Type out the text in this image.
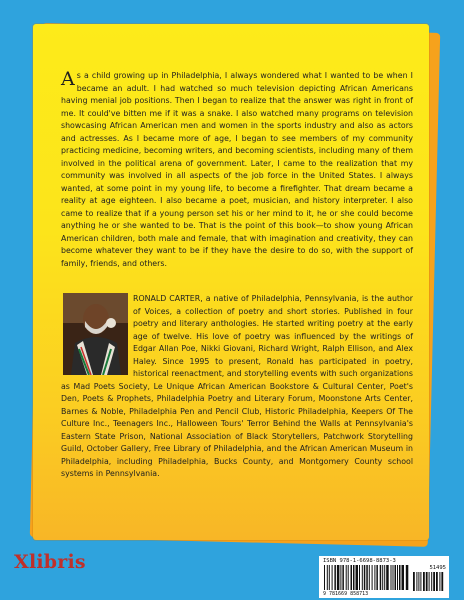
As a child growing up in Philadelphia, I always wondered what I wanted to be when I became an adult. I had watched so much television depicting African Americans having menial job positions. Then I began to realize that the answer was right in front of me. It could've bitten me if it was a snake. I also watched many programs on television showcasing African American men and women in the sports industry and also as actors and actresses. As I became more of age, I began to see members of my community practicing medicine, becoming writers, and becoming scientists, including many of them involved in the political arena of government. Later, I came to the realization that my community was involved in all aspects of the job force in the United States. I always wanted, at some point in my young life, to become a firefighter. That dream became a reality at age eighteen. I also became a poet, musician, and history interpreter. I also came to realize that if a young person set his or her mind to it, he or she could become anything he or she wanted to be. That is the point of this book—to show young African American children, both male and female, that with imagination and creativity, they can become whatever they want to be if they have the desire to do so, with the support of family, friends, and others.

RONALD CARTER, a native of Philadelphia, Pennsylvania, is the author of Voices, a collection of poetry and short stories. Published in four poetry and literary anthologies. He started writing poetry at the early age of twelve. His love of poetry was influenced by the writings of Edgar Allan Poe, Nikki Giovani, Richard Wright, Ralph Ellison, and Alex Haley. Since 1995 to present, Ronald has participated in poetry, historical reenactment, and storytelling events with such organizations as Mad Poets Society, Le Unique African American Bookstore & Cultural Center, Poet's Den, Poets & Prophets, Philadelphia Poetry and Literary Forum, Moonstone Arts Center, Barnes & Noble, Philadelphia Pen and Pencil Club, Historic Philadelphia, Keepers Of The Culture Inc., Teenagers Inc., Halloween Tours' Terror Behind the Walls at Pennsylvania's Eastern State Prison, National Association of Black Storytellers, Patchwork Storytelling Guild, October Gallery, Free Library of Philadelphia, and the African American Museum in Philadelphia, including Philadelphia, Bucks County, and Montgomery County school systems in Pennsylvania.

Xlibris	ISBN 978-1-6698-8873-3
51495
9 781669 858713
